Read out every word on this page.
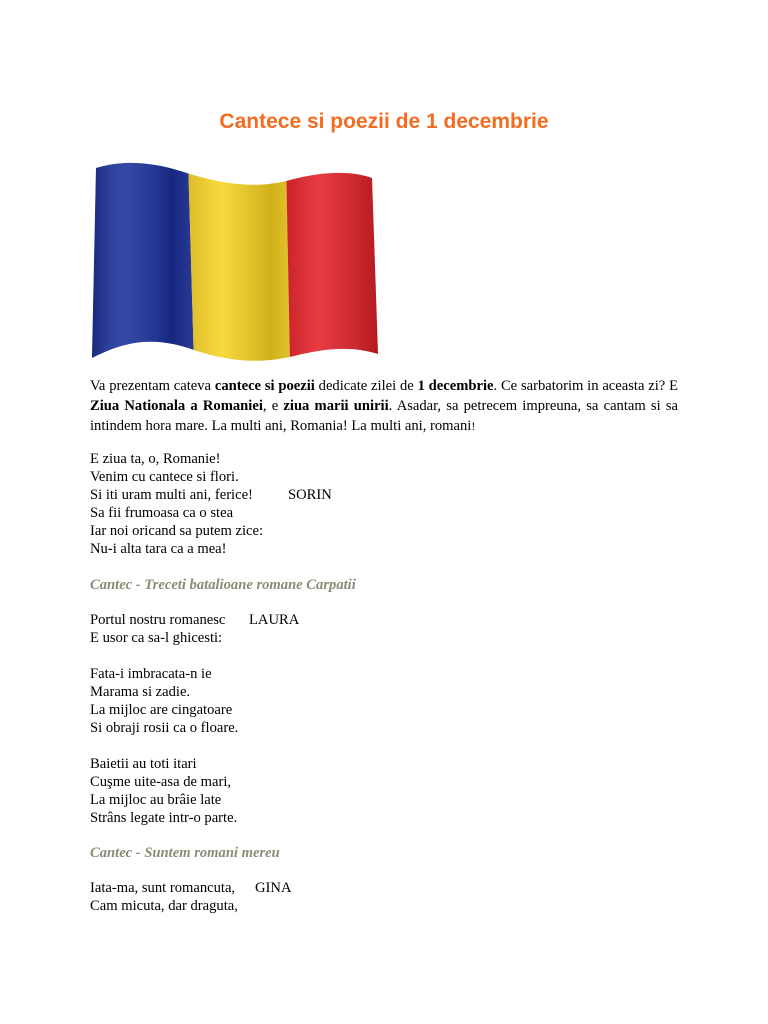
Cantece si poezii de 1 decembrie

Va prezentam cateva cantece si poezii dedicate zilei de 1 decembrie. Ce sarbatorim in aceasta zi? E Ziua Nationala a Romaniei, e ziua marii unirii. Asadar, sa petrecem impreuna, sa cantam si sa intindem hora mare. La multi ani, Romania! La multi ani, romani!

E ziua ta, o, Romanie!
Venim cu cantece si flori.
Si iti uram multi ani, ferice! SORIN
Sa fii frumoasa ca o stea
Iar noi oricand sa putem zice:
Nu-i alta tara ca a mea!

Cantec - Treceti batalioane romane Carpatii

Portul nostru romanesc LAURA
E usor ca sa-l ghicesti:
Fata-i imbracata-n ie
Marama si zadie.
La mijloc are cingatoare
Si obraji rosii ca o floare.
Baietii au toti itari
Cuşme uite-asa de mari,
La mijloc au brâie late
Strâns legate intr-o parte.

Cantec - Suntem romani mereu

Iata-ma, sunt romancuta, GINA
Cam micuta, dar draguta,
